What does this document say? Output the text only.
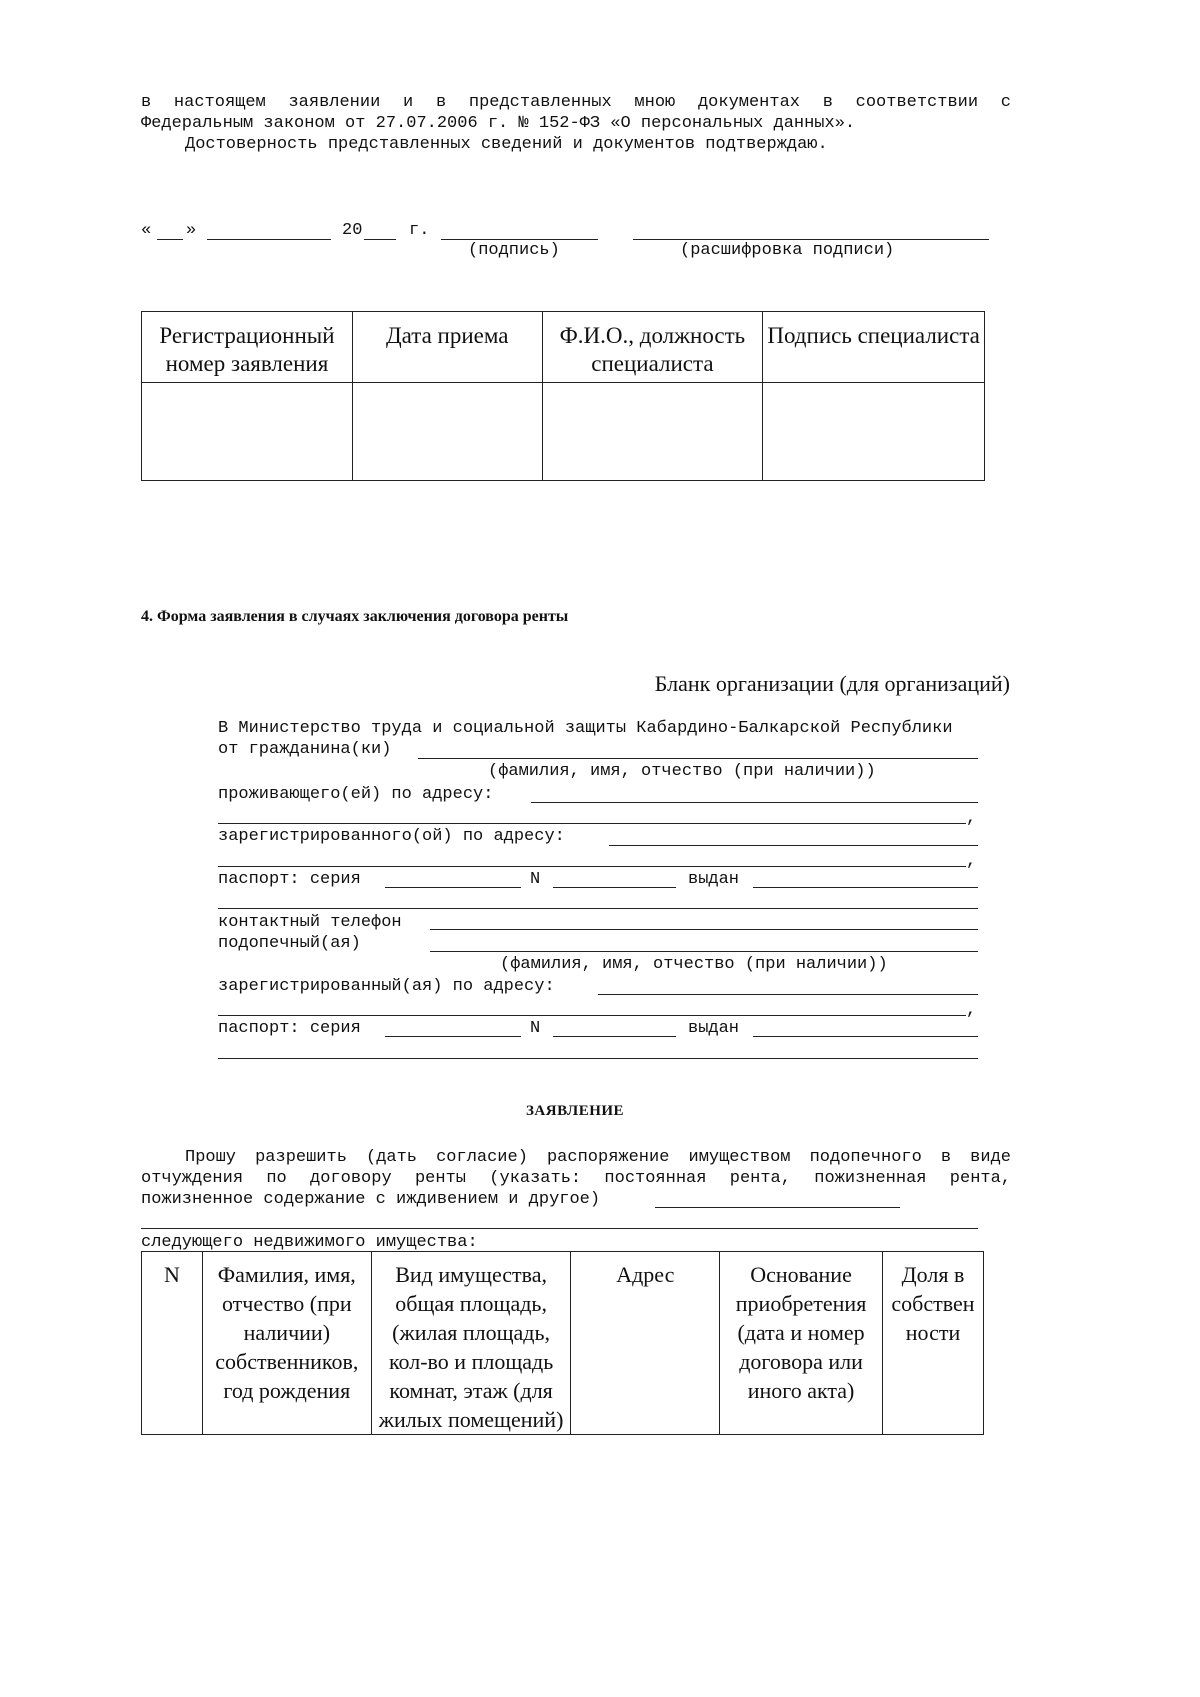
в настоящем заявлении и в представленных мною документах в соответствии с
Федеральным законом от 27.07.2006 г. № 152-ФЗ «О персональных данных».
Достоверность представленных сведений и документов подтверждаю.
« »	20	г.
(подпись)	(расшифровка подписи)
Регистрационный номер заявления	Дата приема	Ф.И.О., должность специалиста	Подпись специалиста

4. Форма заявления в случаях заключения договора ренты
Бланк организации (для организаций)
В Министерство труда и социальной защиты Кабардино-Балкарской Республики
от гражданина(ки)
(фамилия, имя, отчество (при наличии))
проживающего(ей) по адресу:
,
зарегистрированного(ой) по адресу:
,
паспорт: серия	N	выдан
контактный телефон
подопечный(ая)
(фамилия, имя, отчество (при наличии))
зарегистрированный(ая) по адресу:
,
паспорт: серия	N	выдан
ЗАЯВЛЕНИЕ
Прошу разрешить (дать согласие) распоряжение имуществом подопечного в виде
отчуждения по договору ренты (указать: постоянная рента, пожизненная рента,
пожизненное содержание с иждивением и другое)
следующего недвижимого имущества:
N	Фамилия, имя, отчество (при наличии) собственников, год рождения	Вид имущества, общая площадь, (жилая площадь, кол-во и площадь комнат, этаж (для жилых помещений)	Адрес	Основание приобретения (дата и номер договора или иного акта)	Доля в собствен ности
